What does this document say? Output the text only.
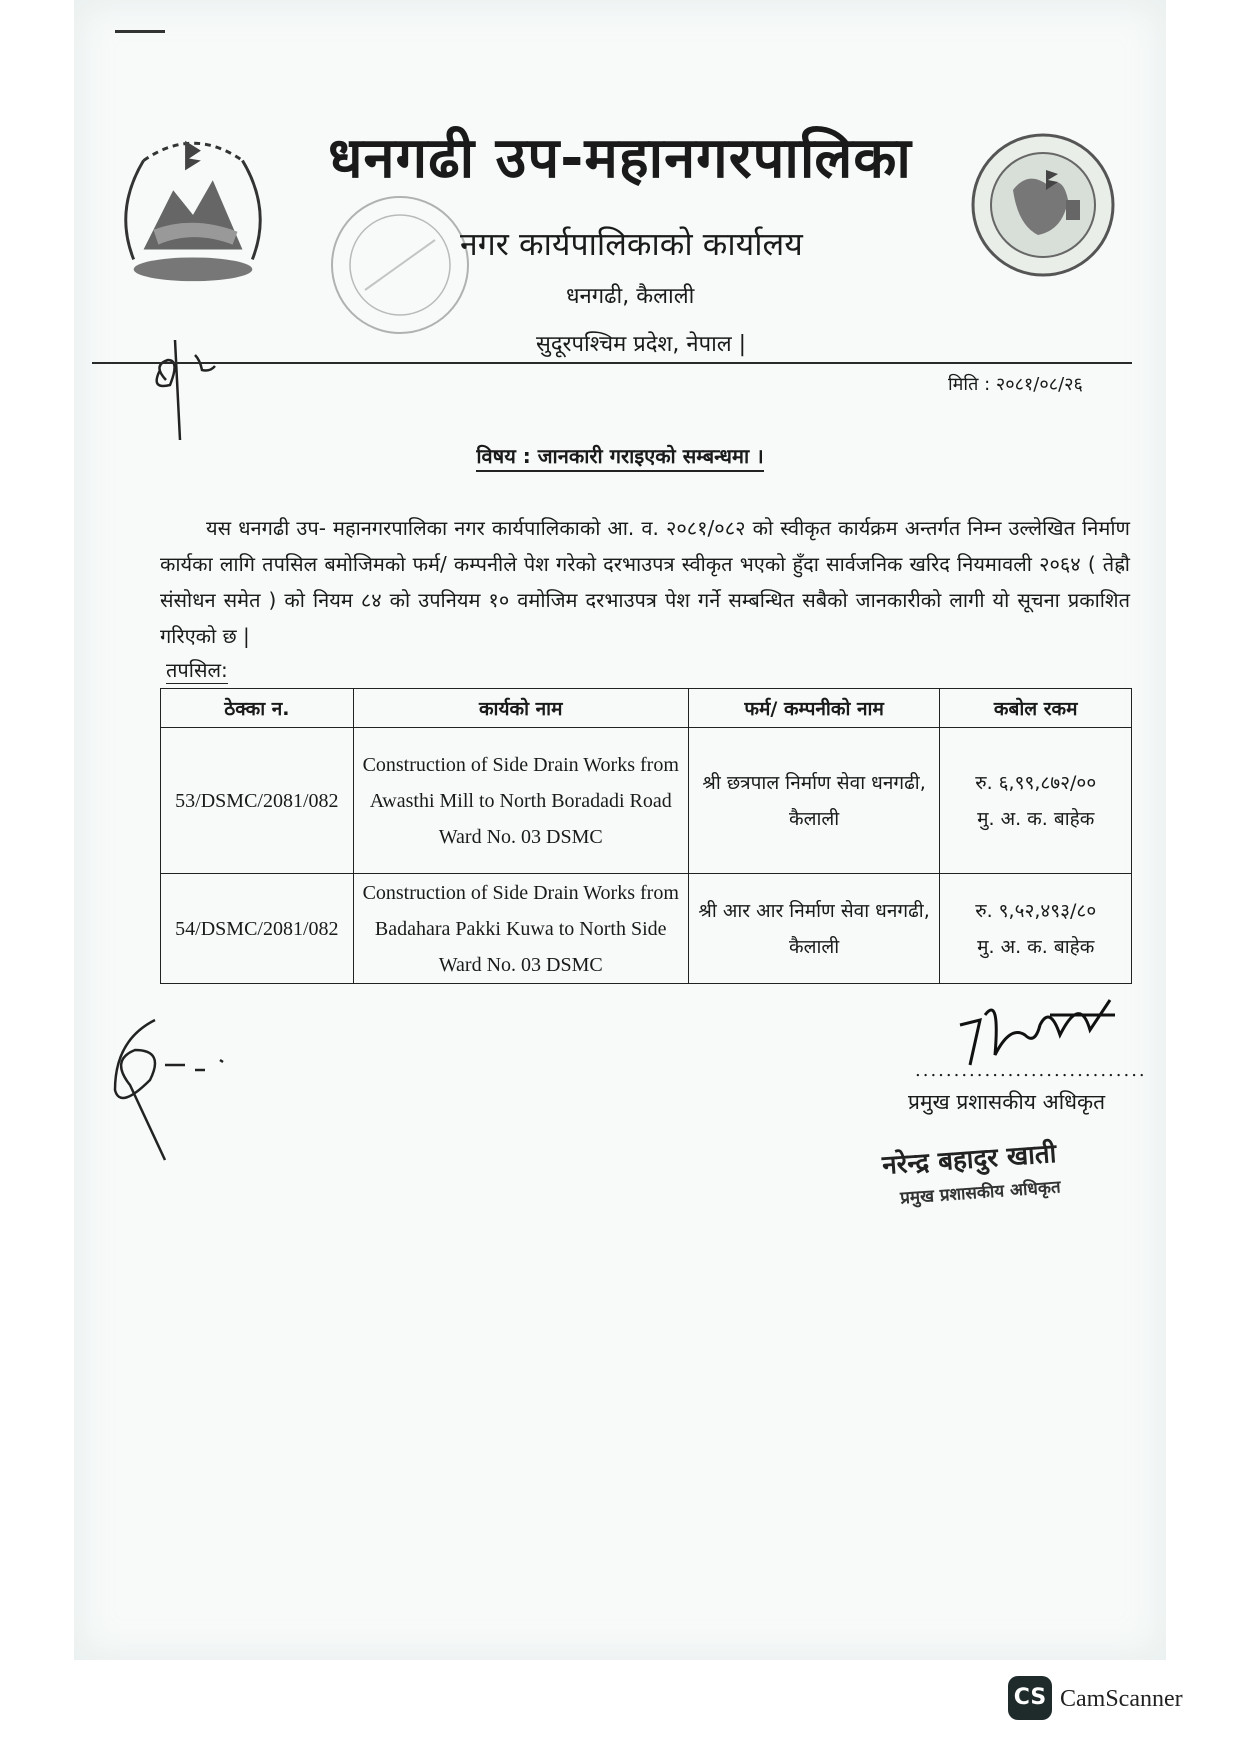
धनगढी उप-महानगरपालिका
नगर कार्यपालिकाको कार्यालय
धनगढी, कैलाली
सुदूरपश्चिम प्रदेश, नेपाल |
मिति : २०८१/०८/२६
विषय : जानकारी गराइएको सम्बन्धमा ।
यस धनगढी उप- महानगरपालिका नगर कार्यपालिकाको आ. व. २०८१/०८२ को स्वीकृत कार्यक्रम अन्तर्गत निम्न उल्लेखित निर्माण कार्यका लागि तपसिल बमोजिमको फर्म/ कम्पनीले पेश गरेको दरभाउपत्र स्वीकृत भएको हुँदा सार्वजनिक खरिद नियमावली २०६४ ( तेह्रौ संसोधन समेत ) को नियम ८४ को उपनियम १० वमोजिम दरभाउपत्र पेश गर्ने सम्बन्धित सबैको जानकारीको लागी यो सूचना प्रकाशित गरिएको छ |
तपसिल:
ठेक्का न.	कार्यको नाम	फर्म/ कम्पनीको नाम	कबोल रकम
53/DSMC/2081/082	Construction of Side Drain Works from Awasthi Mill to North Boradadi Road Ward No. 03 DSMC	श्री छत्रपाल निर्माण सेवा धनगढी, कैलाली	रु. ६,९९,८७२/००
मु. अ. क. बाहेक

54/DSMC/2081/082	Construction of Side Drain Works from Badahara Pakki Kuwa to North Side Ward No. 03 DSMC	श्री आर आर निर्माण सेवा धनगढी, कैलाली	रु. ९,५२,४९३/८०
मु. अ. क. बाहेक
..............................
प्रमुख प्रशासकीय अधिकृत
नरेन्द्र बहादुर खाती
प्रमुख प्रशासकीय अधिकृत
CS CamScanner
